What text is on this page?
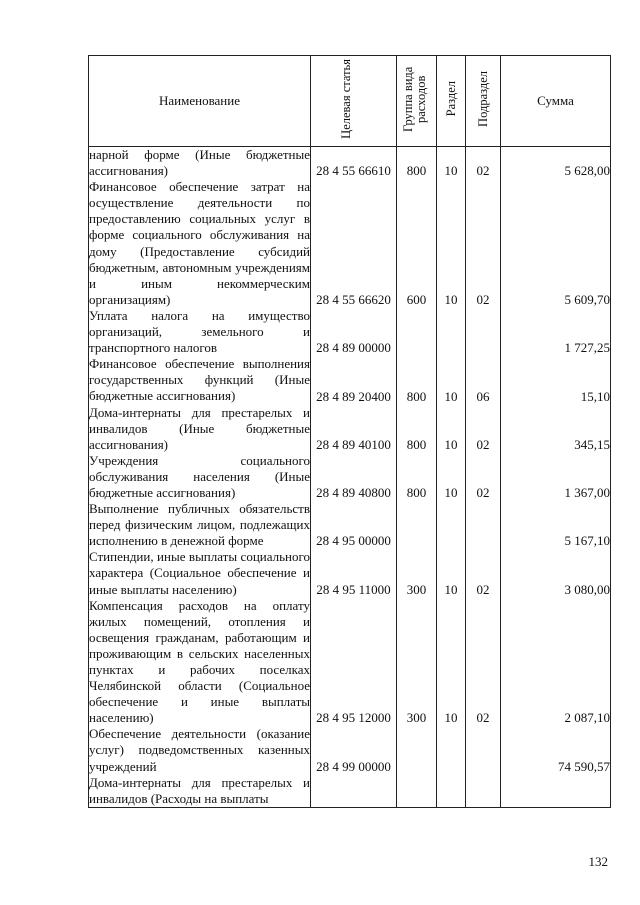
Наименование	Целевая статья	Группа вида расходов	Раздел	Подраздел	Сумма
нарной форме (Иные бюджетные ассигнования)	28 4 55 66610	800	10	02	5 628,00
Финансовое обеспечение затрат на осуществление деятельности по предоставлению социальных услуг в форме социального обслуживания на дому (Предоставление субсидий бюджетным, автономным учреждениям и иным некоммерческим организациям)	28 4 55 66620	600	10	02	5 609,70
Уплата налога на имущество организаций, земельного и транспортного налогов	28 4 89 00000				1 727,25
Финансовое обеспечение выполнения государственных функций (Иные бюджетные ассигнования)	28 4 89 20400	800	10	06	15,10
Дома-интернаты для престарелых и инвалидов (Иные бюджетные ассигнования)	28 4 89 40100	800	10	02	345,15
Учреждения социального обслуживания населения (Иные бюджетные ассигнования)	28 4 89 40800	800	10	02	1 367,00
Выполнение публичных обязательств перед физическим лицом, подлежащих исполнению в денежной форме	28 4 95 00000				5 167,10
Стипендии, иные выплаты социального характера (Социальное обеспечение и иные выплаты населению)	28 4 95 11000	300	10	02	3 080,00
Компенсация расходов на оплату жилых помещений, отопления и освещения гражданам, работающим и проживающим в сельских населенных пунктах и рабочих поселках Челябинской области (Социальное обеспечение и иные выплаты населению)	28 4 95 12000	300	10	02	2 087,10
Обеспечение деятельности (оказание услуг) подведомственных казенных учреждений	28 4 99 00000				74 590,57
Дома-интернаты для престарелых и инвалидов (Расходы на выплаты					
132
